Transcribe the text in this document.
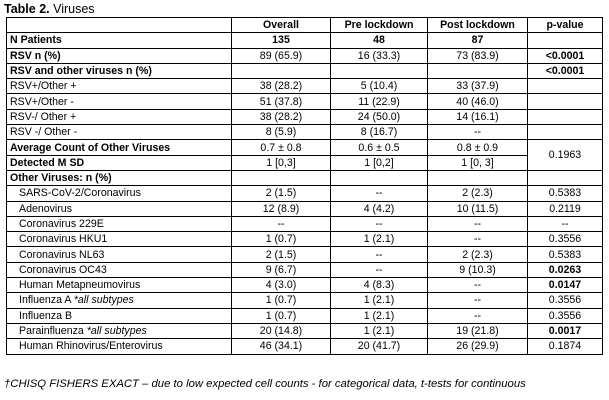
Table 2. Viruses
	Overall	Pre lockdown	Post lockdown	p-value
N Patients	135	48	87	
RSV n (%)	89 (65.9)	16 (33.3)	73 (83.9)	<0.0001
RSV and other viruses n (%)				<0.0001
RSV+/Other +	38 (28.2)	5 (10.4)	33 (37.9)	
RSV+/Other -	51 (37.8)	11 (22.9)	40 (46.0)	
RSV-/ Other +	38 (28.2)	24 (50.0)	14 (16.1)	
RSV -/ Other -	8 (5.9)	8 (16.7)	--	
Average Count of Other Viruses	0.7 ± 0.8	0.6 ± 0.5	0.8 ± 0.9	0.1963
Detected M SD	1 [0,3]	1 [0,2]	1 [0, 3]	
Other Viruses: n (%)				
SARS-CoV-2/Coronavirus	2 (1.5)	--	2 (2.3)	0.5383
Adenovirus	12 (8.9)	4 (4.2)	10 (11.5)	0.2119
Coronavirus 229E	--	--	--	--
Coronavirus HKU1	1 (0.7)	1 (2.1)	--	0.3556
Coronavirus NL63	2 (1.5)	--	2 (2.3)	0.5383
Coronavirus OC43	9 (6.7)	--	9 (10.3)	0.0263
Human Metapneumovirus	4 (3.0)	4 (8.3)	--	0.0147
Influenza A *all subtypes	1 (0.7)	1 (2.1)	--	0.3556
Influenza B	1 (0.7)	1 (2.1)	--	0.3556
Parainfluenza *all subtypes	20 (14.8)	1 (2.1)	19 (21.8)	0.0017
Human Rhinovirus/Enterovirus	46 (34.1)	20 (41.7)	26 (29.9)	0.1874
†CHISQ FISHERS EXACT – due to low expected cell counts - for categorical data, t-tests for continuous
